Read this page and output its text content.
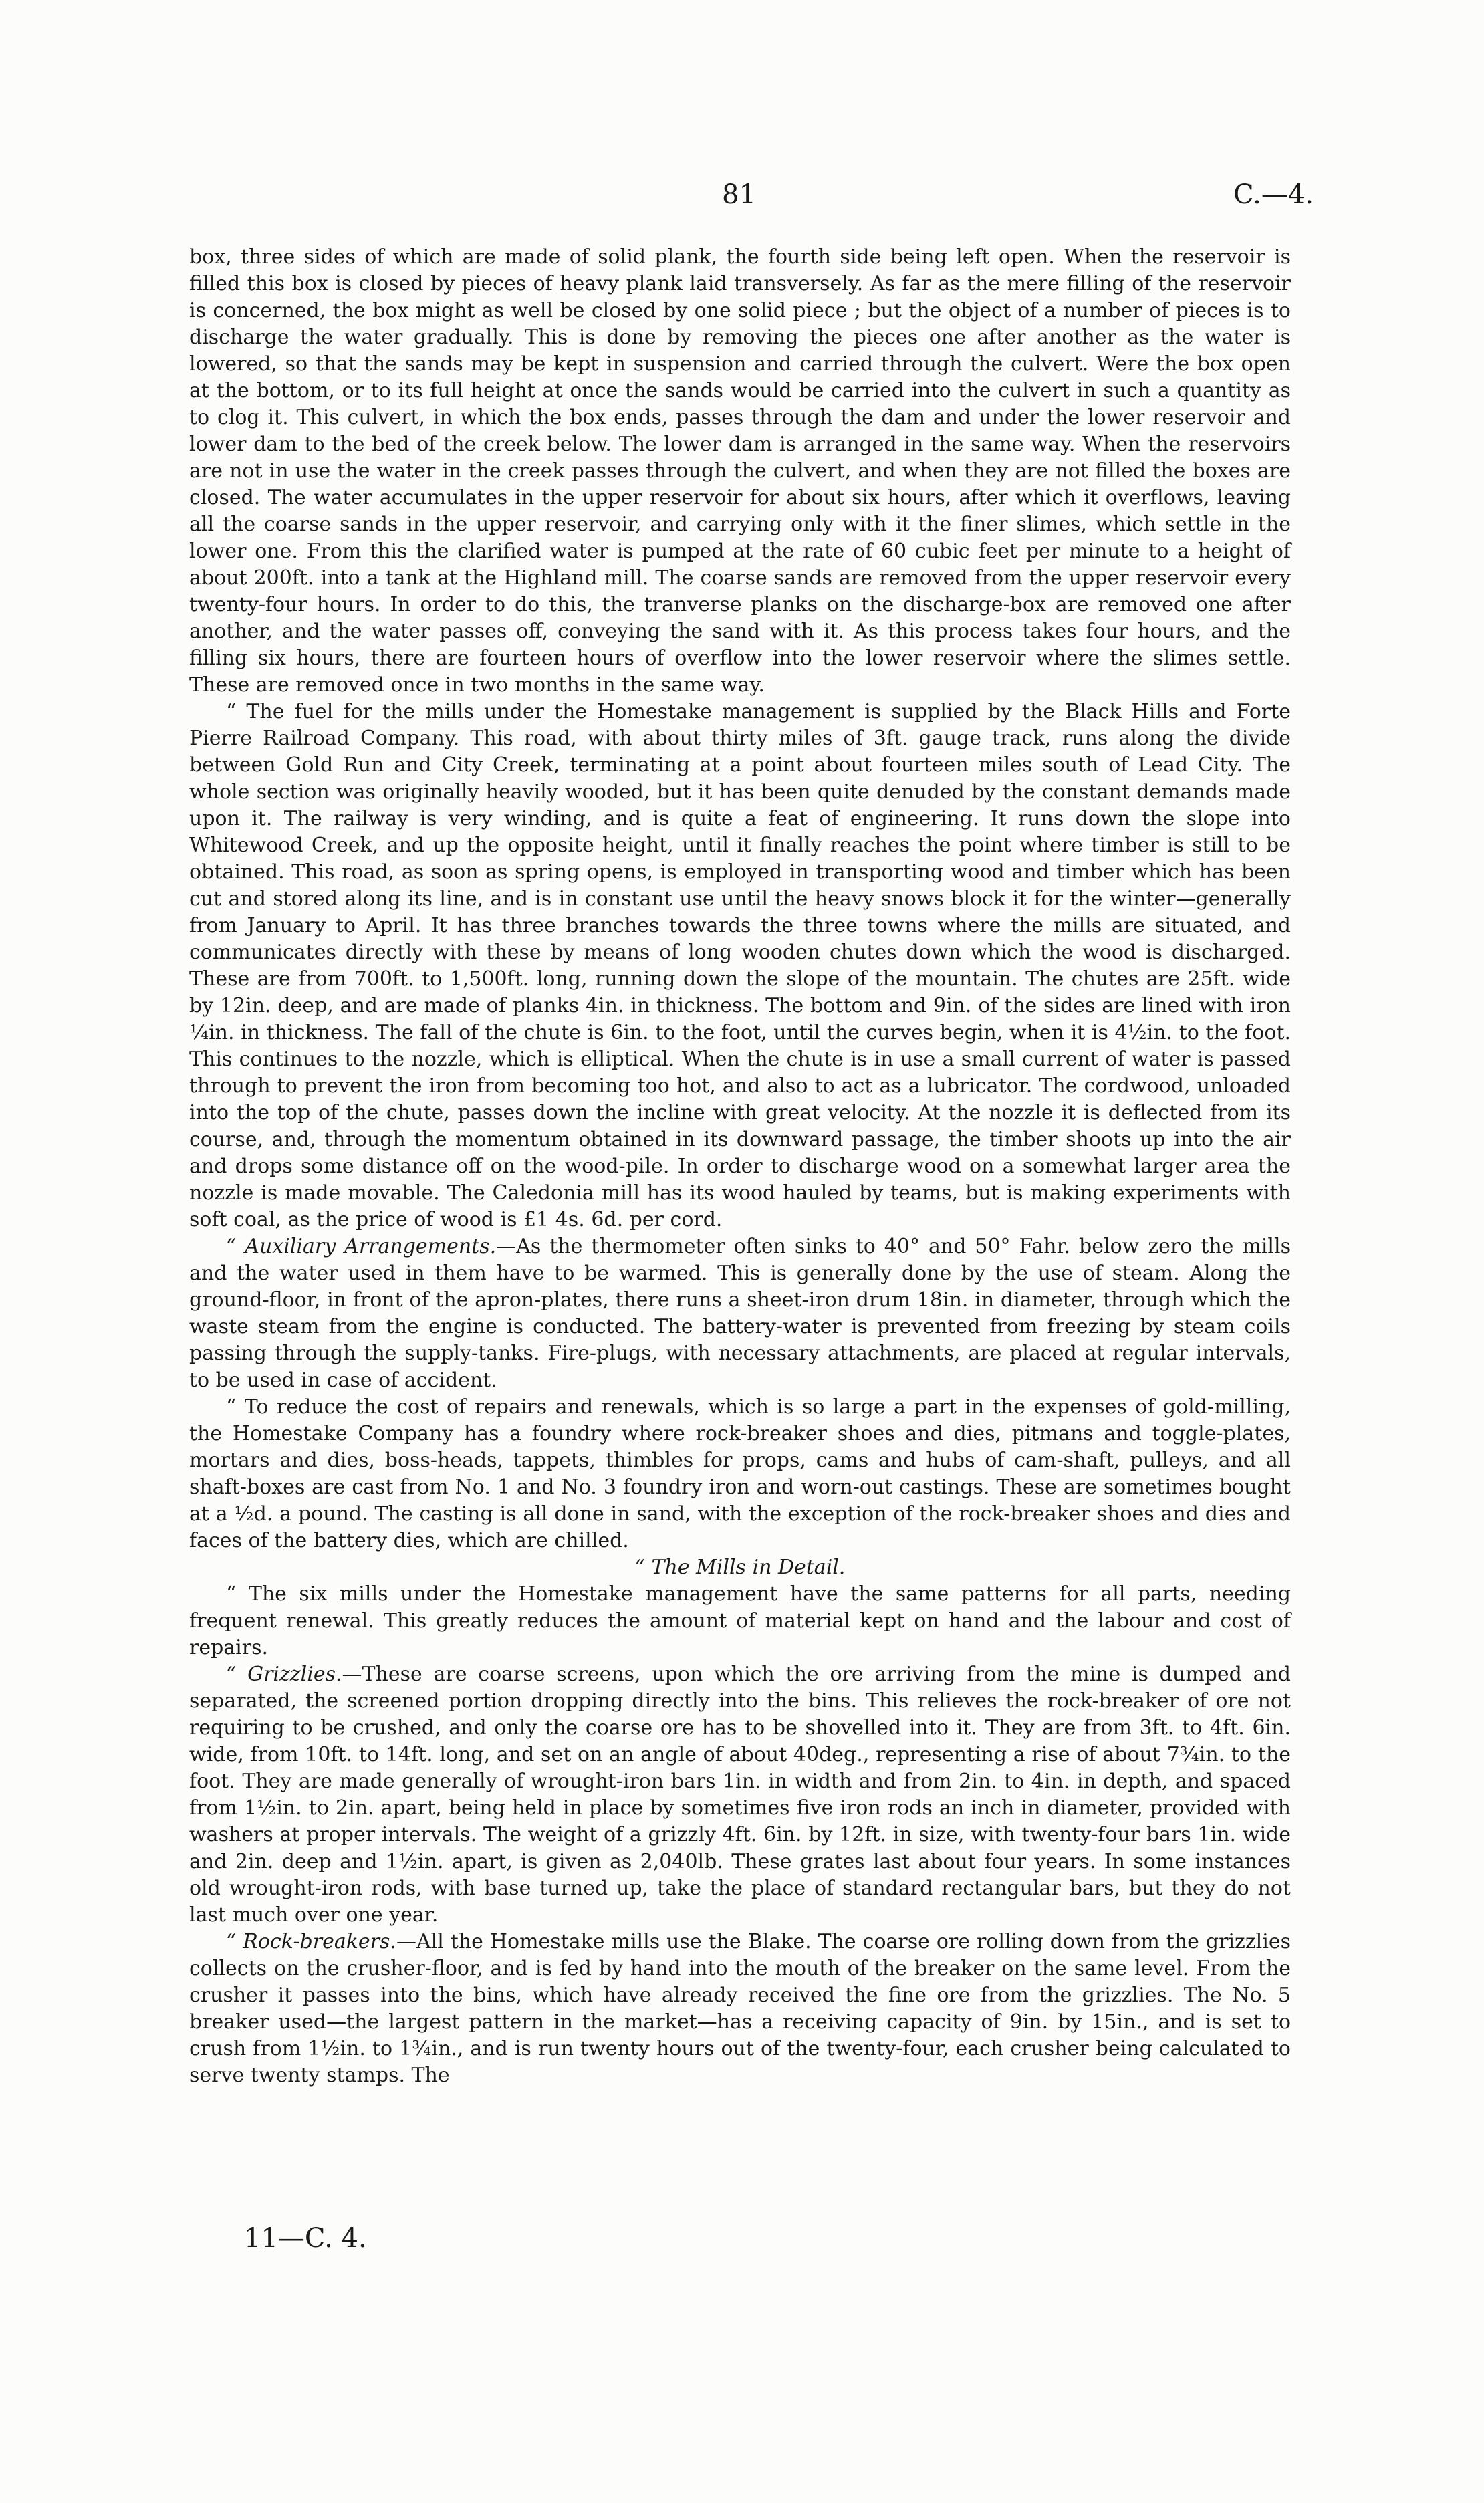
81	C.—4.

box, three sides of which are made of solid plank, the fourth side being left open. When the reservoir is filled this box is closed by pieces of heavy plank laid transversely. As far as the mere filling of the reservoir is concerned, the box might as well be closed by one solid piece ; but the object of a number of pieces is to discharge the water gradually. This is done by removing the pieces one after another as the water is lowered, so that the sands may be kept in suspension and carried through the culvert. Were the box open at the bottom, or to its full height at once the sands would be carried into the culvert in such a quantity as to clog it. This culvert, in which the box ends, passes through the dam and under the lower reservoir and lower dam to the bed of the creek below. The lower dam is arranged in the same way. When the reservoirs are not in use the water in the creek passes through the culvert, and when they are not filled the boxes are closed. The water accumulates in the upper reservoir for about six hours, after which it overflows, leaving all the coarse sands in the upper reservoir, and carrying only with it the finer slimes, which settle in the lower one. From this the clarified water is pumped at the rate of 60 cubic feet per minute to a height of about 200ft. into a tank at the Highland mill. The coarse sands are removed from the upper reservoir every twenty-four hours. In order to do this, the tranverse planks on the discharge-box are removed one after another, and the water passes off, conveying the sand with it. As this process takes four hours, and the filling six hours, there are fourteen hours of overflow into the lower reservoir where the slimes settle. These are removed once in two months in the same way.

“ The fuel for the mills under the Homestake management is supplied by the Black Hills and Forte Pierre Railroad Company. This road, with about thirty miles of 3ft. gauge track, runs along the divide between Gold Run and City Creek, terminating at a point about fourteen miles south of Lead City. The whole section was originally heavily wooded, but it has been quite denuded by the constant demands made upon it. The railway is very winding, and is quite a feat of engineering. It runs down the slope into Whitewood Creek, and up the opposite height, until it finally reaches the point where timber is still to be obtained. This road, as soon as spring opens, is employed in transporting wood and timber which has been cut and stored along its line, and is in constant use until the heavy snows block it for the winter—generally from January to April. It has three branches towards the three towns where the mills are situated, and communicates directly with these by means of long wooden chutes down which the wood is discharged. These are from 700ft. to 1,500ft. long, running down the slope of the mountain. The chutes are 25ft. wide by 12in. deep, and are made of planks 4in. in thickness. The bottom and 9in. of the sides are lined with iron ¼in. in thickness. The fall of the chute is 6in. to the foot, until the curves begin, when it is 4½in. to the foot. This continues to the nozzle, which is elliptical. When the chute is in use a small current of water is passed through to prevent the iron from becoming too hot, and also to act as a lubricator. The cordwood, unloaded into the top of the chute, passes down the incline with great velocity. At the nozzle it is deflected from its course, and, through the momentum obtained in its downward passage, the timber shoots up into the air and drops some distance off on the wood-pile. In order to discharge wood on a somewhat larger area the nozzle is made movable. The Caledonia mill has its wood hauled by teams, but is making experiments with soft coal, as the price of wood is £1 4s. 6d. per cord.

“ Auxiliary Arrangements.—As the thermometer often sinks to 40° and 50° Fahr. below zero the mills and the water used in them have to be warmed. This is generally done by the use of steam. Along the ground-floor, in front of the apron-plates, there runs a sheet-iron drum 18in. in diameter, through which the waste steam from the engine is conducted. The battery-water is prevented from freezing by steam coils passing through the supply-tanks. Fire-plugs, with necessary attachments, are placed at regular intervals, to be used in case of accident.

“ To reduce the cost of repairs and renewals, which is so large a part in the expenses of gold-milling, the Homestake Company has a foundry where rock-breaker shoes and dies, pitmans and toggle-plates, mortars and dies, boss-heads, tappets, thimbles for props, cams and hubs of cam-shaft, pulleys, and all shaft-boxes are cast from No. 1 and No. 3 foundry iron and worn-out castings. These are sometimes bought at a ½d. a pound. The casting is all done in sand, with the exception of the rock-breaker shoes and dies and faces of the battery dies, which are chilled.

“ The Mills in Detail.

“ The six mills under the Homestake management have the same patterns for all parts, needing frequent renewal. This greatly reduces the amount of material kept on hand and the labour and cost of repairs.

“ Grizzlies.—These are coarse screens, upon which the ore arriving from the mine is dumped and separated, the screened portion dropping directly into the bins. This relieves the rock-breaker of ore not requiring to be crushed, and only the coarse ore has to be shovelled into it. They are from 3ft. to 4ft. 6in. wide, from 10ft. to 14ft. long, and set on an angle of about 40deg., representing a rise of about 7¾in. to the foot. They are made generally of wrought-iron bars 1in. in width and from 2in. to 4in. in depth, and spaced from 1½in. to 2in. apart, being held in place by sometimes five iron rods an inch in diameter, provided with washers at proper intervals. The weight of a grizzly 4ft. 6in. by 12ft. in size, with twenty-four bars 1in. wide and 2in. deep and 1½in. apart, is given as 2,040lb. These grates last about four years. In some instances old wrought-iron rods, with base turned up, take the place of standard rectangular bars, but they do not last much over one year.

“ Rock-breakers.—All the Homestake mills use the Blake. The coarse ore rolling down from the grizzlies collects on the crusher-floor, and is fed by hand into the mouth of the breaker on the same level. From the crusher it passes into the bins, which have already received the fine ore from the grizzlies. The No. 5 breaker used—the largest pattern in the market—has a receiving capacity of 9in. by 15in., and is set to crush from 1½in. to 1¾in., and is run twenty hours out of the twenty-four, each crusher being calculated to serve twenty stamps. The

11—C. 4.
